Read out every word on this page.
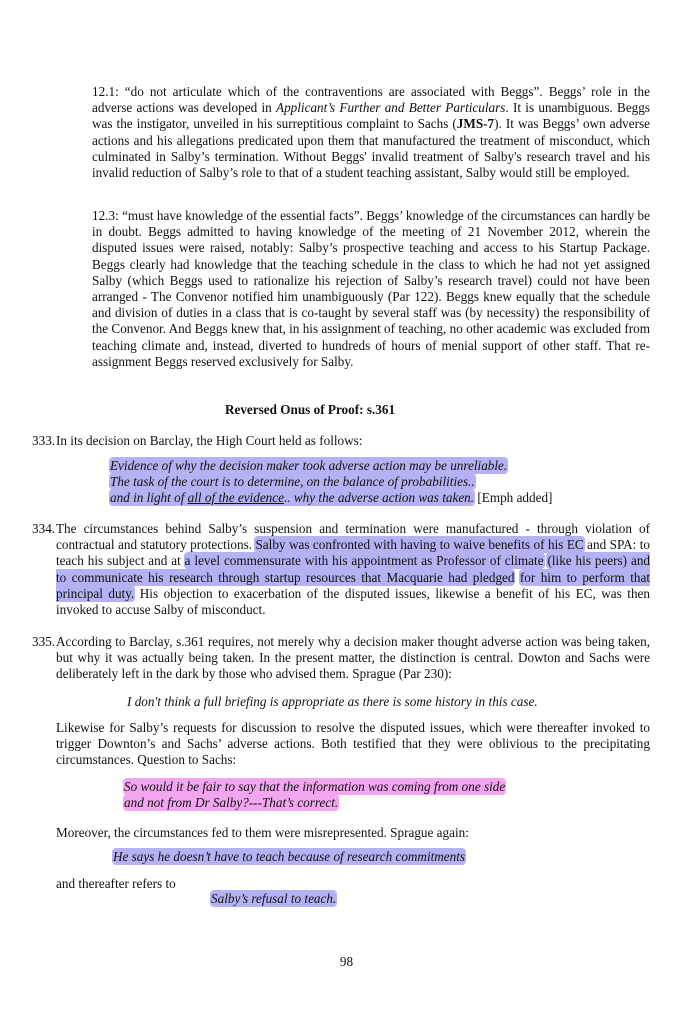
12.1: “do not articulate which of the contraventions are associated with Beggs”. Beggs’ role in the adverse actions was developed in Applicant’s Further and Better Particulars. It is unambiguous. Beggs was the instigator, unveiled in his surreptitious complaint to Sachs (JMS-7). It was Beggs’ own adverse actions and his allegations predicated upon them that manufactured the treatment of misconduct, which culminated in Salby’s termination. Without Beggs' invalid treatment of Salby's research travel and his invalid reduction of Salby’s role to that of a student teaching assistant, Salby would still be employed.

12.3: “must have knowledge of the essential facts”. Beggs’ knowledge of the circumstances can hardly be in doubt. Beggs admitted to having knowledge of the meeting of 21 November 2012, wherein the disputed issues were raised, notably: Salby’s prospective teaching and access to his Startup Package. Beggs clearly had knowledge that the teaching schedule in the class to which he had not yet assigned Salby (which Beggs used to rationalize his rejection of Salby’s research travel) could not have been arranged - The Convenor notified him unambiguously (Par 122). Beggs knew equally that the schedule and division of duties in a class that is co-taught by several staff was (by necessity) the responsibility of the Convenor. And Beggs knew that, in his assignment of teaching, no other academic was excluded from teaching climate and, instead, diverted to hundreds of hours of menial support of other staff. That re-assignment Beggs reserved exclusively for Salby.

Reversed Onus of Proof: s.361

333. In its decision on Barclay, the High Court held as follows:
Evidence of why the decision maker took adverse action may be unreliable.
The task of the court is to determine, on the balance of probabilities..
and in light of all of the evidence.. why the adverse action was taken. [Emph added]
334. The circumstances behind Salby’s suspension and termination were manufactured - through violation of contractual and statutory protections. Salby was confronted with having to waive benefits of his EC and SPA: to teach his subject and at a level commensurate with his appointment as Professor of climate (like his peers) and to communicate his research through startup resources that Macquarie had pledged for him to perform that principal duty. His objection to exacerbation of the disputed issues, likewise a benefit of his EC, was then invoked to accuse Salby of misconduct.
335. According to Barclay, s.361 requires, not merely why a decision maker thought adverse action was being taken, but why it was actually being taken. In the present matter, the distinction is central. Dowton and Sachs were deliberately left in the dark by those who advised them. Sprague (Par 230):

I don't think a full briefing is appropriate as there is some history in this case.

Likewise for Salby’s requests for discussion to resolve the disputed issues, which were thereafter invoked to trigger Downton’s and Sachs’ adverse actions. Both testified that they were oblivious to the precipitating circumstances. Question to Sachs:

So would it be fair to say that the information was coming from one side
and not from Dr Salby?---That’s correct.

Moreover, the circumstances fed to them were misrepresented. Sprague again:

He says he doesn’t have to teach because of research commitments

and thereafter refers to

Salby’s refusal to teach.
98
